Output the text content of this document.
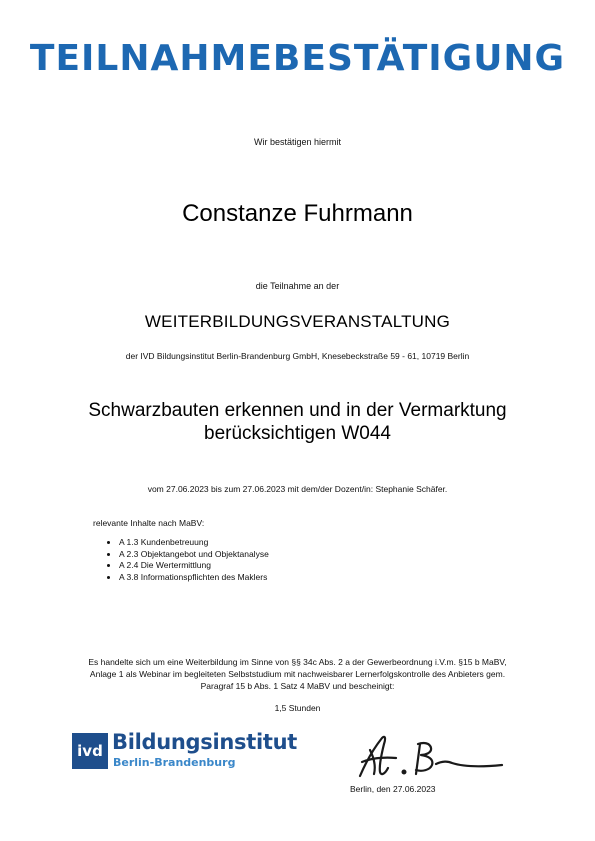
TEILNAHMEBESTÄTIGUNG
Wir bestätigen hiermit
Constanze Fuhrmann
die Teilnahme an der
WEITERBILDUNGSVERANSTALTUNG
der IVD Bildungsinstitut Berlin-Brandenburg GmbH, Knesebeckstraße 59 - 61, 10719 Berlin
Schwarzbauten erkennen und in der Vermarktung
berücksichtigen W044
vom 27.06.2023 bis zum 27.06.2023 mit dem/der Dozent/in: Stephanie Schäfer.
relevante Inhalte nach MaBV:
• A 1.3 Kundenbetreuung
• A 2.3 Objektangebot und Objektanalyse
• A 2.4 Die Wertermittlung
• A 3.8 Informationspflichten des Maklers
Es handelte sich um eine Weiterbildung im Sinne von §§ 34c Abs. 2 a der Gewerbeordnung i.V.m. §15 b MaBV,
Anlage 1 als Webinar im begleiteten Selbststudium mit nachweisbarer Lernerfolgskontrolle des Anbieters gem.
Paragraf 15 b Abs. 1 Satz 4 MaBV und bescheinigt:
1,5 Stunden
ivd Bildungsinstitut
Berlin-Brandenburg
Berlin, den 27.06.2023
